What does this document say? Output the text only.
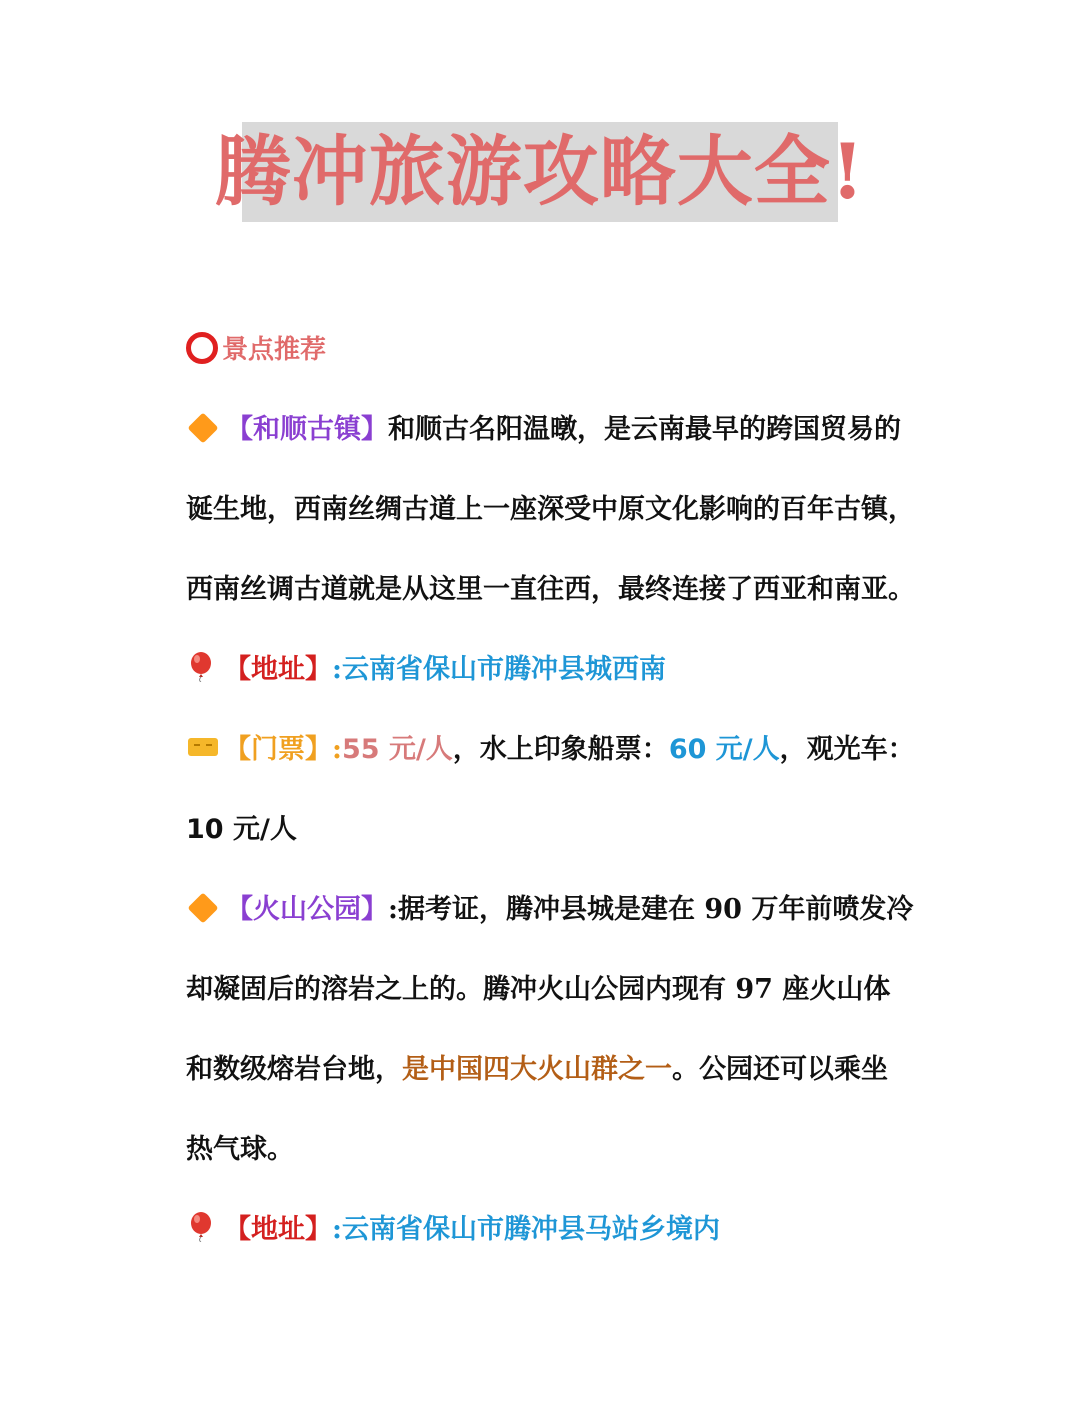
腾冲旅游攻略大全!
景点推荐
【和顺古镇】和顺古名阳温暾，是云南最早的跨国贸易的
诞生地，西南丝绸古道上一座深受中原文化影响的百年古镇，
西南丝调古道就是从这里一直往西，最终连接了西亚和南亚。
【地址】:云南省保山市腾冲县城西南
【门票】:55 元/人，水上印象船票：60 元/人，观光车：
10 元/人
【火山公园】:据考证，腾冲县城是建在 90 万年前喷发冷
却凝固后的溶岩之上的。腾冲火山公园内现有 97 座火山体
和数级熔岩台地，是中国四大火山群之一。公园还可以乘坐
热气球。
【地址】:云南省保山市腾冲县马站乡境内
